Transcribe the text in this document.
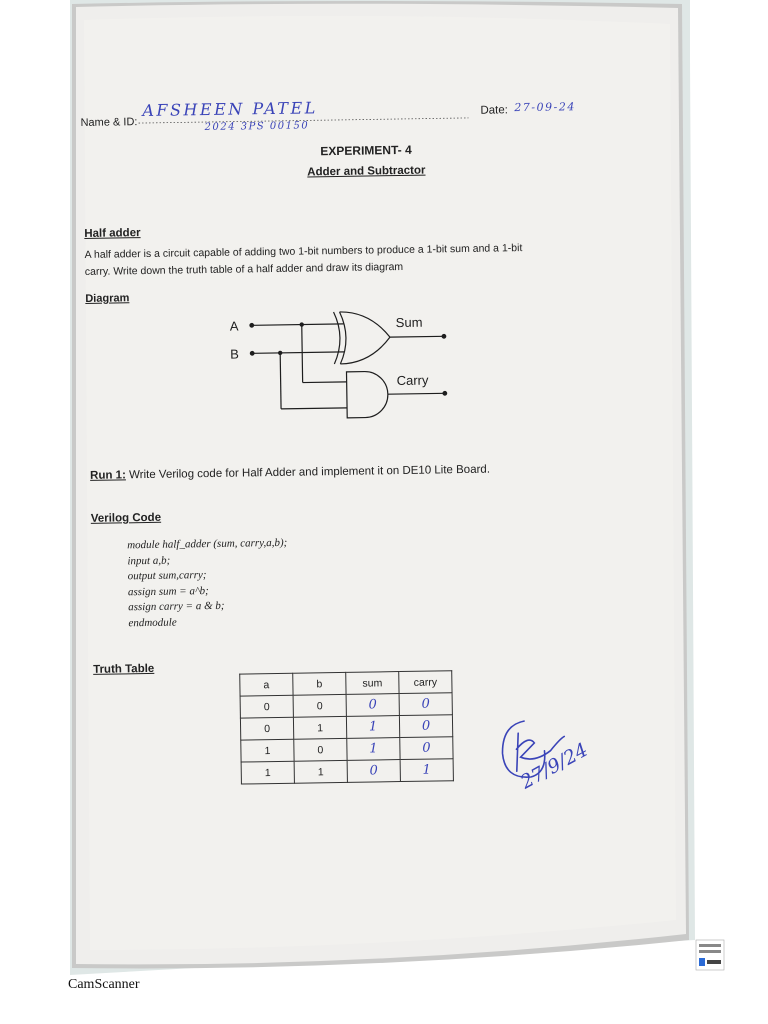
Name & ID:
AFSHEEN PATEL
2024 3PS 00150
Date: 27-09-24
EXPERIMENT- 4
Adder and Subtractor
Half adder
A half adder is a circuit capable of adding two 1-bit numbers to produce a 1-bit sum and a 1-bit
carry. Write down the truth table of a half adder and draw its diagram
Diagram
A
B
Sum
Carry
Run 1: Write Verilog code for Half Adder and implement it on DE10 Lite Board.
Verilog Code
module half_adder (sum, carry,a,b);
input a,b;
output sum,carry;
assign sum = a^b;
assign carry = a & b;
endmodule
Truth Table
a	b	sum	carry
0	0	0	0
0	1	1	0
1	0	1	0
1	1	0	1	27/9/24
CamScanner
